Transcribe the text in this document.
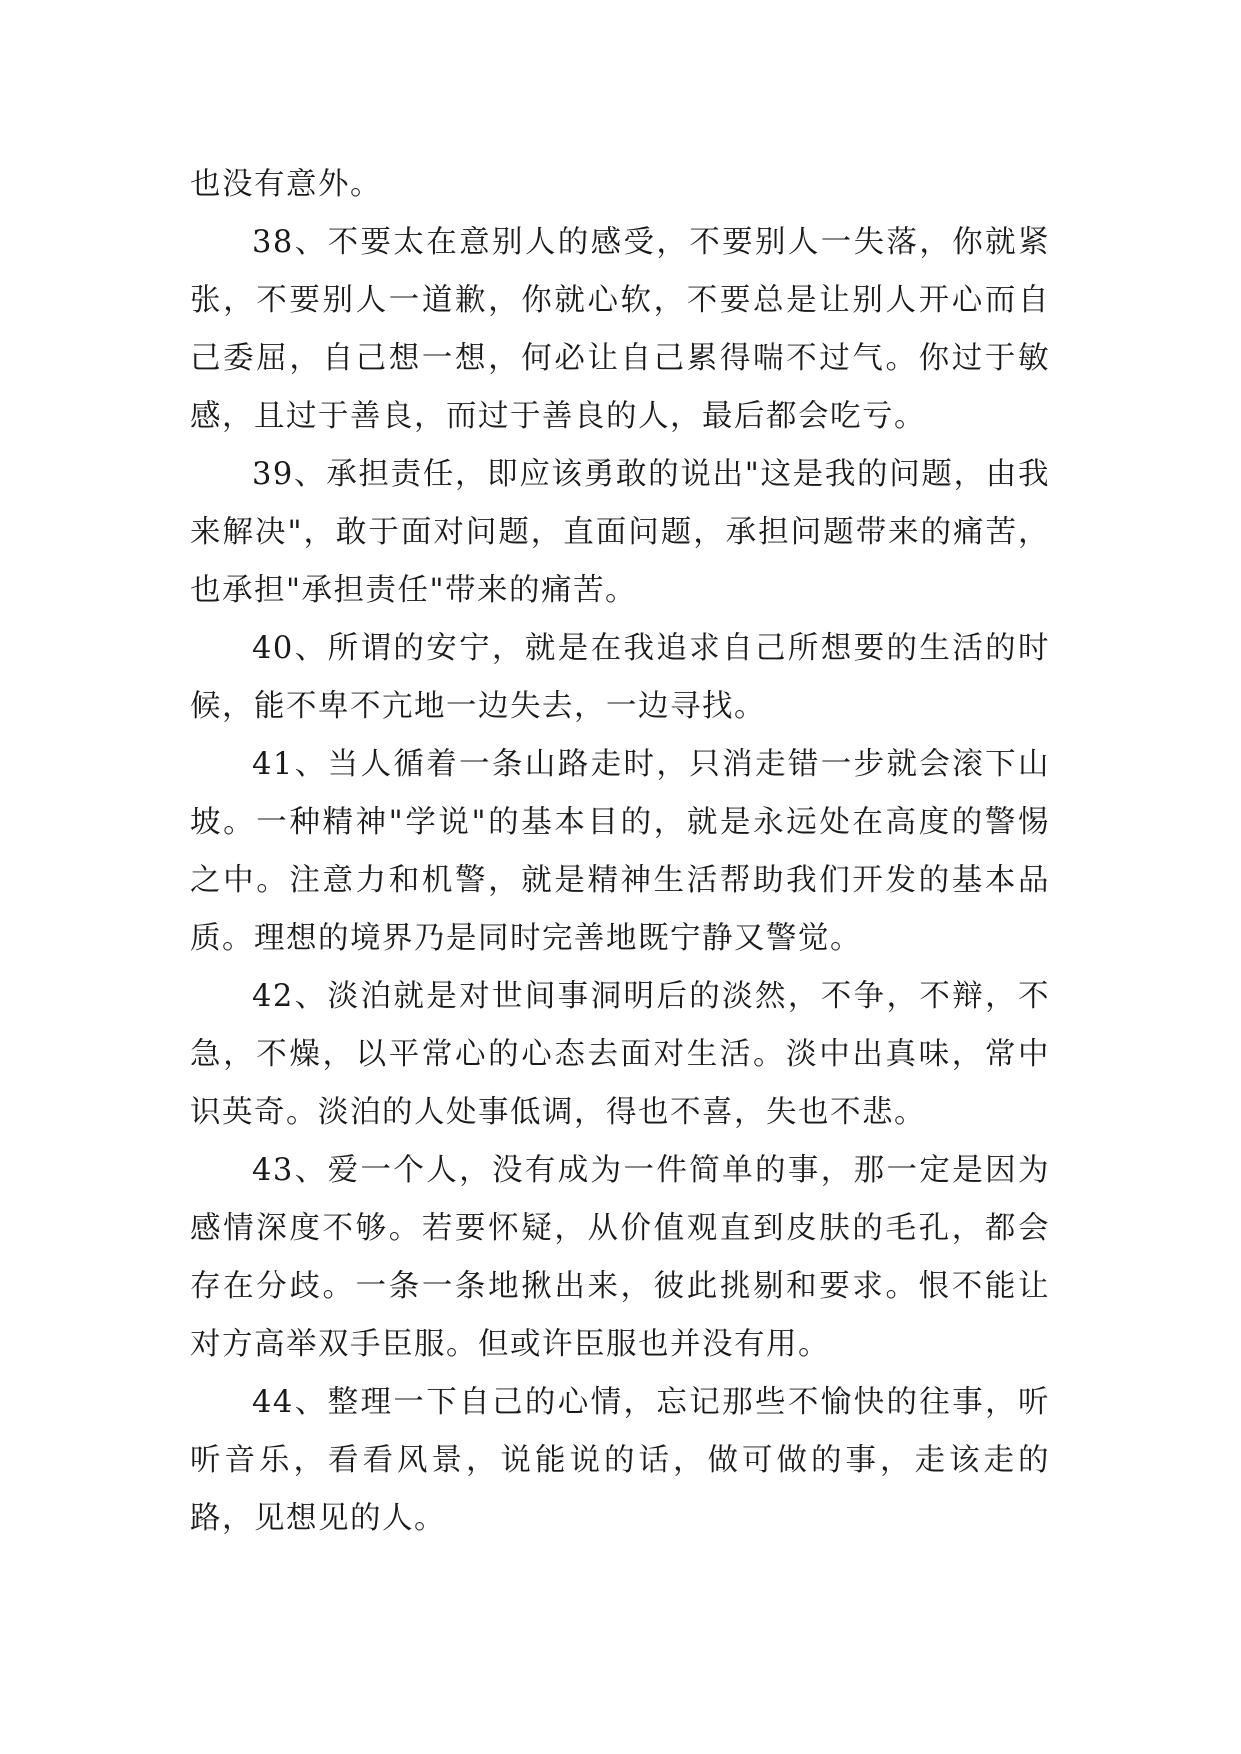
也没有意外。

38、不要太在意别人的感受，不要别人一失落，你就紧张，不要别人一道歉，你就心软，不要总是让别人开心而自己委屈，自己想一想，何必让自己累得喘不过气。你过于敏感，且过于善良，而过于善良的人，最后都会吃亏。

39、承担责任，即应该勇敢的说出"这是我的问题，由我来解决"，敢于面对问题，直面问题，承担问题带来的痛苦，也承担"承担责任"带来的痛苦。

40、所谓的安宁，就是在我追求自己所想要的生活的时候，能不卑不亢地一边失去，一边寻找。

41、当人循着一条山路走时，只消走错一步就会滚下山坡。一种精神"学说"的基本目的，就是永远处在高度的警惕之中。注意力和机警，就是精神生活帮助我们开发的基本品质。理想的境界乃是同时完善地既宁静又警觉。

42、淡泊就是对世间事洞明后的淡然，不争，不辩，不急，不燥，以平常心的心态去面对生活。淡中出真味，常中识英奇。淡泊的人处事低调，得也不喜，失也不悲。

43、爱一个人，没有成为一件简单的事，那一定是因为感情深度不够。若要怀疑，从价值观直到皮肤的毛孔，都会存在分歧。一条一条地揪出来，彼此挑剔和要求。恨不能让对方高举双手臣服。但或许臣服也并没有用。

44、整理一下自己的心情，忘记那些不愉快的往事，听听音乐，看看风景，说能说的话，做可做的事，走该走的路，见想见的人。
